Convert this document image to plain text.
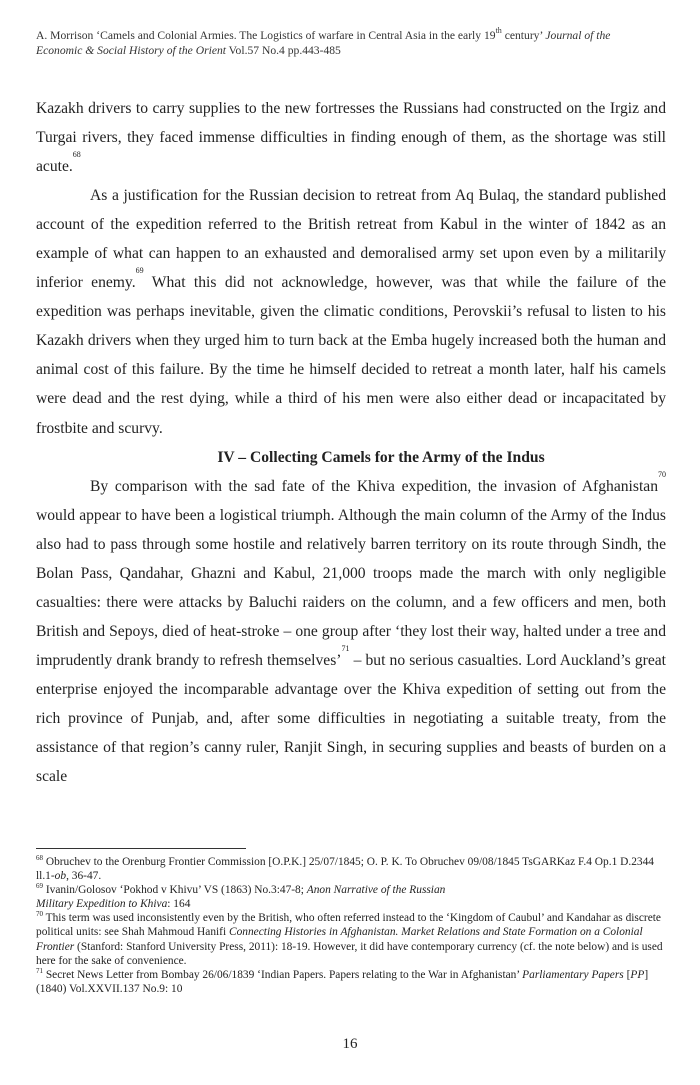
A. Morrison ‘Camels and Colonial Armies. The Logistics of warfare in Central Asia in the early 19th century’ Journal of the
Economic & Social History of the Orient Vol.57 No.4 pp.443-485

Kazakh drivers to carry supplies to the new fortresses the Russians had constructed on the Irgiz and Turgai rivers, they faced immense difficulties in finding enough of them, as the shortage was still acute.$^{68}$

As a justification for the Russian decision to retreat from Aq Bulaq, the standard published account of the expedition referred to the British retreat from Kabul in the winter of 1842 as an example of what can happen to an exhausted and demoralised army set upon even by a militarily inferior enemy.$^{69}$ What this did not acknowledge, however, was that while the failure of the expedition was perhaps inevitable, given the climatic conditions, Perovskii’s refusal to listen to his Kazakh drivers when they urged him to turn back at the Emba hugely increased both the human and animal cost of this failure. By the time he himself decided to retreat a month later, half his camels were dead and the rest dying, while a third of his men were also either dead or incapacitated by frostbite and scurvy.

IV – Collecting Camels for the Army of the Indus

By comparison with the sad fate of the Khiva expedition, the invasion of Afghanistan$^{70}$ would appear to have been a logistical triumph. Although the main column of the Army of the Indus also had to pass through some hostile and relatively barren territory on its route through Sindh, the Bolan Pass, Qandahar, Ghazni and Kabul, 21,000 troops made the march with only negligible casualties: there were attacks by Baluchi raiders on the column, and a few officers and men, both British and Sepoys, died of heat-stroke – one group after ‘they lost their way, halted under a tree and imprudently drank brandy to refresh themselves’$^{71}$ – but no serious casualties. Lord Auckland’s great enterprise enjoyed the incomparable advantage over the Khiva expedition of setting out from the rich province of Punjab, and, after some difficulties in negotiating a suitable treaty, from the assistance of that region’s canny ruler, Ranjit Singh, in securing supplies and beasts of burden on a scale

$^{68}$ Obruchev to the Orenburg Frontier Commission [O.P.K.] 25/07/1845; O. P. K. To Obruchev 09/08/1845 TsGARKaz F.4 Op.1 D.2344 ll.1-ob, 36-47.

$^{69}$ Ivanin/Golosov ‘Pokhod v Khivu’ VS (1863) No.3:47-8; Anon Narrative of the Russian
Military Expedition to Khiva: 164

$^{70}$ This term was used inconsistently even by the British, who often referred instead to the ‘Kingdom of Caubul’ and Kandahar as discrete political units: see Shah Mahmoud Hanifi Connecting Histories in Afghanistan. Market Relations and State Formation on a Colonial Frontier (Stanford: Stanford University Press, 2011): 18-19. However, it did have contemporary currency (cf. the note below) and is used here for the sake of convenience.

$^{71}$ Secret News Letter from Bombay 26/06/1839 ‘Indian Papers. Papers relating to the War in Afghanistan’ Parliamentary Papers [PP] (1840) Vol.XXVII.137 No.9: 10

16
